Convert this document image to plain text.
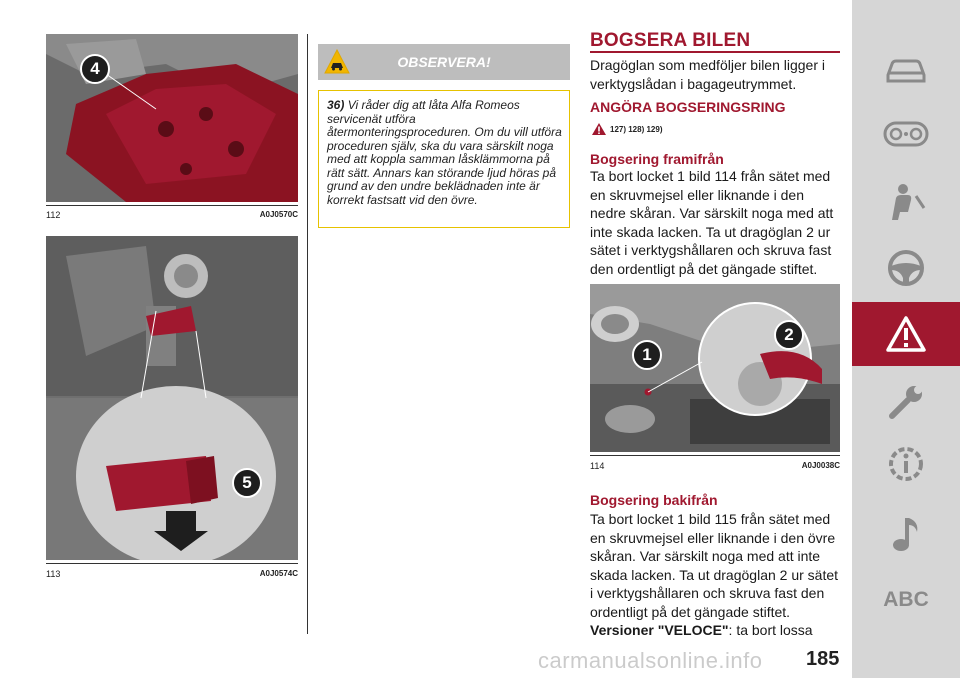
4
112	A0J0570C
5
113	A0J0574C
OBSERVERA!
36) Vi råder dig att låta Alfa Romeos servicenät utföra återmonteringsproceduren. Om du vill utföra proceduren själv, ska du vara särskilt noga med att koppla samman låsklämmorna på rätt sätt. Annars kan störande ljud höras på grund av den undre beklädnaden inte är korrekt fastsatt vid den övre.
BOGSERA BILEN
Dragöglan som medföljer bilen ligger i verktygslådan i bagageutrymmet.
ANGÖRA BOGSERINGSRING
127) 128) 129)
Bogsering framifrån
Ta bort locket 1 bild 114 från sätet med en skruvmejsel eller liknande i den nedre skåran. Var särskilt noga med att inte skada lacken. Ta ut dragöglan 2 ur sätet i verktygshållaren och skruva fast den ordentligt på det gängade stiftet.
1
2
114	A0J0038C
Bogsering bakifrån
Ta bort locket 1 bild 115 från sätet med en skruvmejsel eller liknande i den övre skåran. Var särskilt noga med att inte skada lacken. Ta ut dragöglan 2 ur sätet i verktygshållaren och skruva fast den ordentligt på det gängade stiftet.
Versioner "VELOCE": ta bort lossa
ABC
185
carmanualsonline.info
